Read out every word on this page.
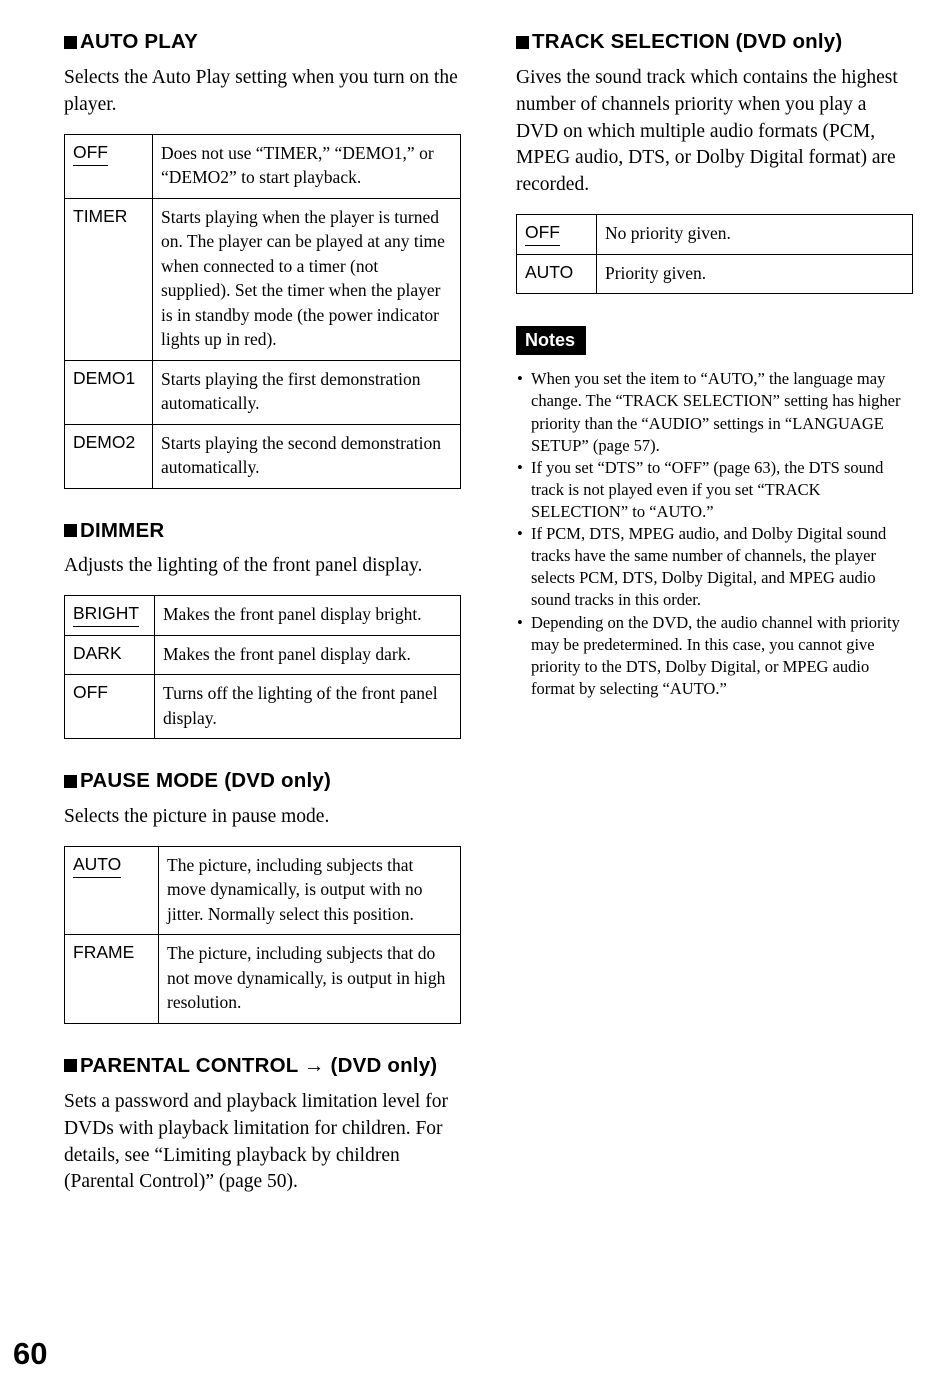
AUTO PLAY
Selects the Auto Play setting when you turn on the player.
OFF	Does not use “TIMER,” “DEMO1,” or “DEMO2” to start playback.
TIMER	Starts playing when the player is turned on. The player can be played at any time when connected to a timer (not supplied). Set the timer when the player is in standby mode (the power indicator lights up in red).
DEMO1	Starts playing the first demonstration automatically.
DEMO2	Starts playing the second demonstration automatically.
DIMMER
Adjusts the lighting of the front panel display.
BRIGHT	Makes the front panel display bright.
DARK	Makes the front panel display dark.
OFF	Turns off the lighting of the front panel display.
PAUSE MODE (DVD only)
Selects the picture in pause mode.
AUTO	The picture, including subjects that move dynamically, is output with no jitter. Normally select this position.
FRAME	The picture, including subjects that do not move dynamically, is output in high resolution.
PARENTAL CONTROL → (DVD only)
Sets a password and playback limitation level for DVDs with playback limitation for children. For details, see “Limiting playback by children (Parental Control)” (page 50).
TRACK SELECTION (DVD only)
Gives the sound track which contains the highest number of channels priority when you play a DVD on which multiple audio formats (PCM, MPEG audio, DTS, or Dolby Digital format) are recorded.
OFF	No priority given.
AUTO	Priority given.
Notes
• When you set the item to “AUTO,” the language may change. The “TRACK SELECTION” setting has higher priority than the “AUDIO” settings in “LANGUAGE SETUP” (page 57).
• If you set “DTS” to “OFF” (page 63), the DTS sound track is not played even if you set “TRACK SELECTION” to “AUTO.”
• If PCM, DTS, MPEG audio, and Dolby Digital sound tracks have the same number of channels, the player selects PCM, DTS, Dolby Digital, and MPEG audio sound tracks in this order.
• Depending on the DVD, the audio channel with priority may be predetermined. In this case, you cannot give priority to the DTS, Dolby Digital, or MPEG audio format by selecting “AUTO.”
60
